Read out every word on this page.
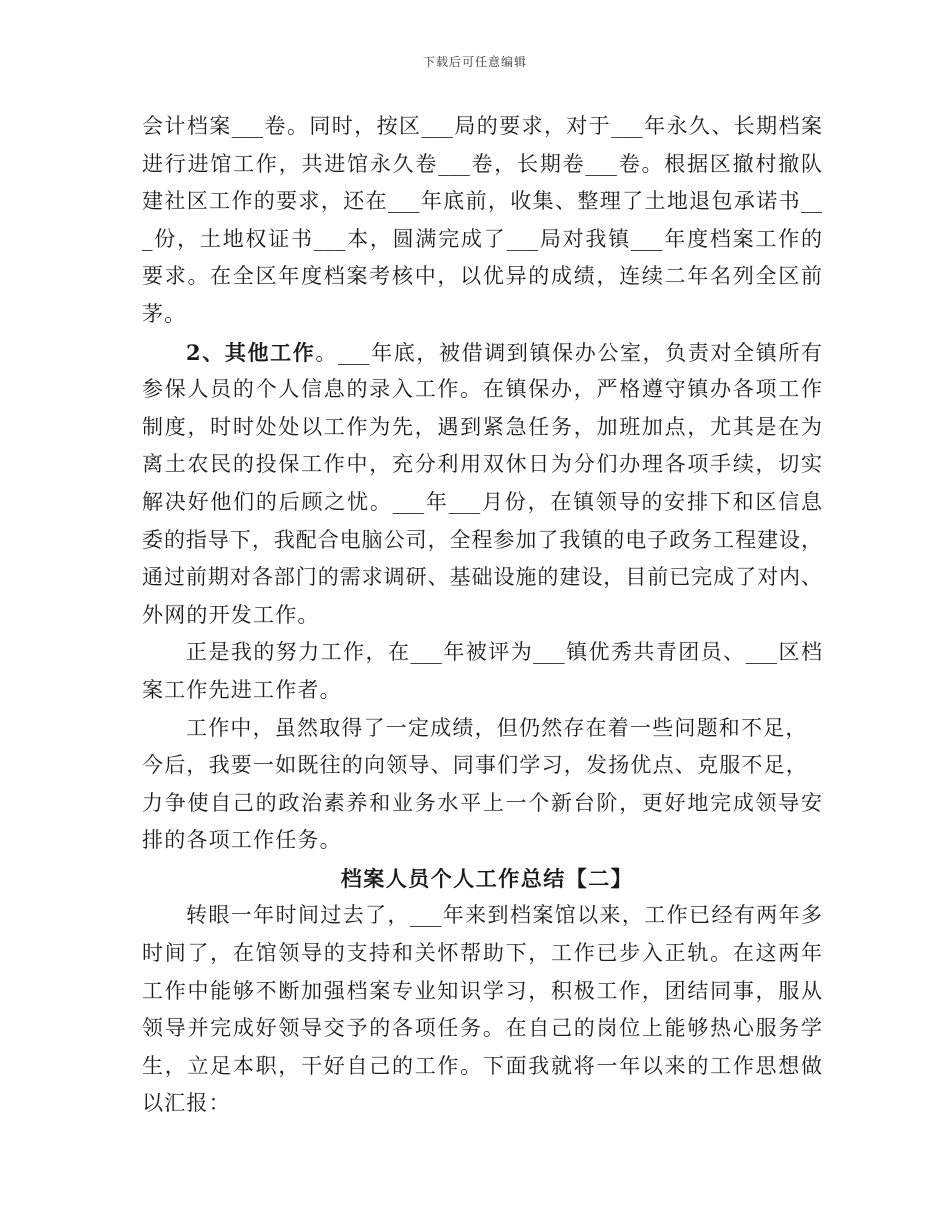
下载后可任意编辑
会计档案___卷。同时，按区___局的要求，对于___年永久、长期档案
进行进馆工作，共进馆永久卷___卷，长期卷___卷。根据区撤村撤队
建社区工作的要求，还在___年底前，收集、整理了土地退包承诺书__
_份，土地权证书___本，圆满完成了___局对我镇___年度档案工作的
要求。在全区年度档案考核中，以优异的成绩，连续二年名列全区前
茅。
2、其他工作。___年底，被借调到镇保办公室，负责对全镇所有
参保人员的个人信息的录入工作。在镇保办，严格遵守镇办各项工作
制度，时时处处以工作为先，遇到紧急任务，加班加点，尤其是在为
离土农民的投保工作中，充分利用双休日为分们办理各项手续，切实
解决好他们的后顾之忧。___年___月份，在镇领导的安排下和区信息
委的指导下，我配合电脑公司，全程参加了我镇的电子政务工程建设，
通过前期对各部门的需求调研、基础设施的建设，目前已完成了对内、
外网的开发工作。
正是我的努力工作，在___年被评为___镇优秀共青团员、___区档
案工作先进工作者。
工作中，虽然取得了一定成绩，但仍然存在着一些问题和不足，
今后，我要一如既往的向领导、同事们学习，发扬优点、克服不足，
力争使自己的政治素养和业务水平上一个新台阶，更好地完成领导安
排的各项工作任务。
档案人员个人工作总结【二】
转眼一年时间过去了，___年来到档案馆以来，工作已经有两年多
时间了，在馆领导的支持和关怀帮助下，工作已步入正轨。在这两年
工作中能够不断加强档案专业知识学习，积极工作，团结同事，服从
领导并完成好领导交予的各项任务。在自己的岗位上能够热心服务学
生，立足本职，干好自己的工作。下面我就将一年以来的工作思想做
以汇报：
